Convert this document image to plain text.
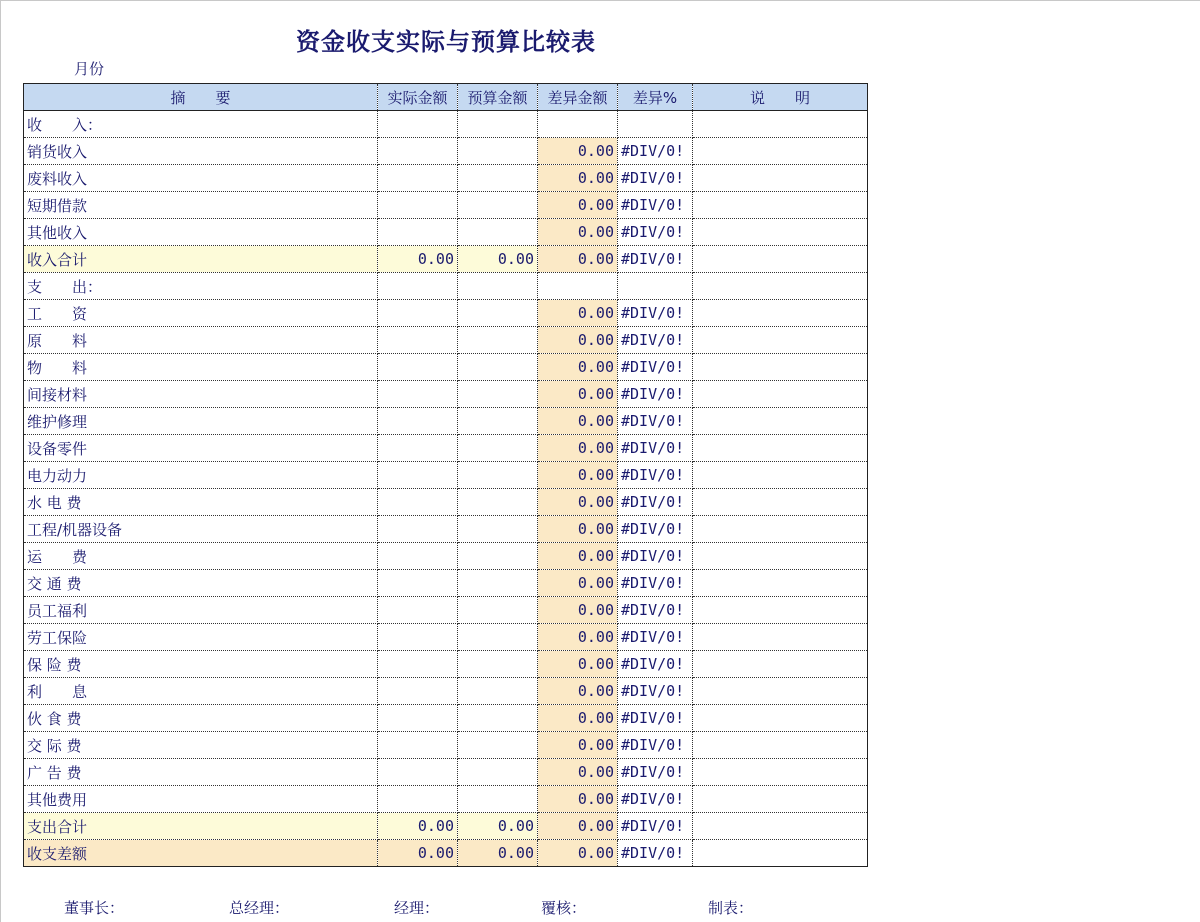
资金收支实际与预算比较表
月份
摘　　要	实际金额	预算金额	差异金额	差异%	说　　明
收　　入：					
销货收入			0.00	#DIV/0!	
废料收入			0.00	#DIV/0!	
短期借款			0.00	#DIV/0!	
其他收入			0.00	#DIV/0!	
收入合计	0.00	0.00	0.00	#DIV/0!	
支　　出：					
工　　资			0.00	#DIV/0!	
原　　料			0.00	#DIV/0!	
物　　料			0.00	#DIV/0!	
间接材料			0.00	#DIV/0!	
维护修理			0.00	#DIV/0!	
设备零件			0.00	#DIV/0!	
电力动力			0.00	#DIV/0!	
水 电 费			0.00	#DIV/0!	
工程/机器设备			0.00	#DIV/0!	
运　　费			0.00	#DIV/0!	
交 通 费			0.00	#DIV/0!	
员工福利			0.00	#DIV/0!	
劳工保险			0.00	#DIV/0!	
保 险 费			0.00	#DIV/0!	
利　　息			0.00	#DIV/0!	
伙 食 费			0.00	#DIV/0!	
交 际 费			0.00	#DIV/0!	
广 告 费			0.00	#DIV/0!	
其他费用			0.00	#DIV/0!	
支出合计	0.00	0.00	0.00	#DIV/0!	
收支差额	0.00	0.00	0.00	#DIV/0!	
董事长：	总经理：	经理：	覆核：	制表：
